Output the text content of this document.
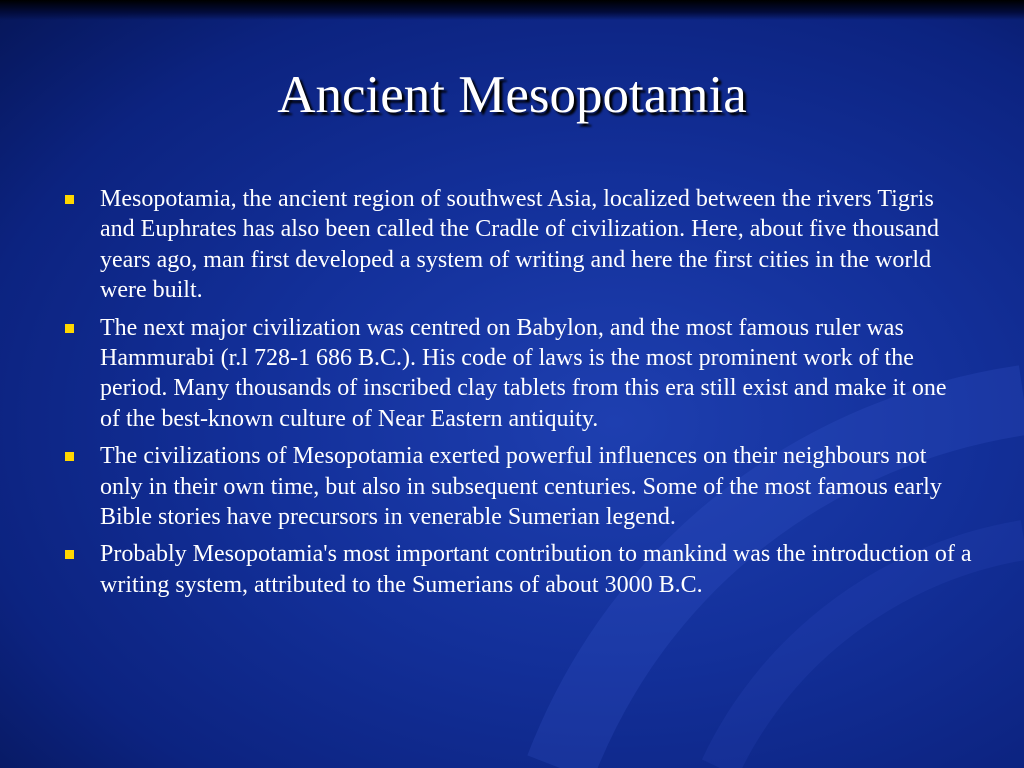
Ancient Mesopotamia
Mesopotamia, the ancient region of southwest Asia, localized between the rivers Tigris and Euphrates has also been called the Cradle of civilization. Here, about five thousand years ago, man first developed a system of writing and here the first cities in the world were built.
The next major civilization was centred on Babylon, and the most famous ruler was Hammurabi (r.l 728-1 686 B.C.). His code of laws is the most prominent work of the period. Many thousands of inscribed clay tablets from this era still exist and make it one of the best-known culture of Near Eastern antiquity.
The civilizations of Mesopotamia exerted powerful influences on their neighbours not only in their own time, but also in subsequent centuries. Some of the most famous early Bible stories have precursors in venerable Sumerian legend.
Probably Mesopotamia's most important contribution to mankind was the introduction of a writing system, attributed to the Sumerians of about 3000 B.C.
